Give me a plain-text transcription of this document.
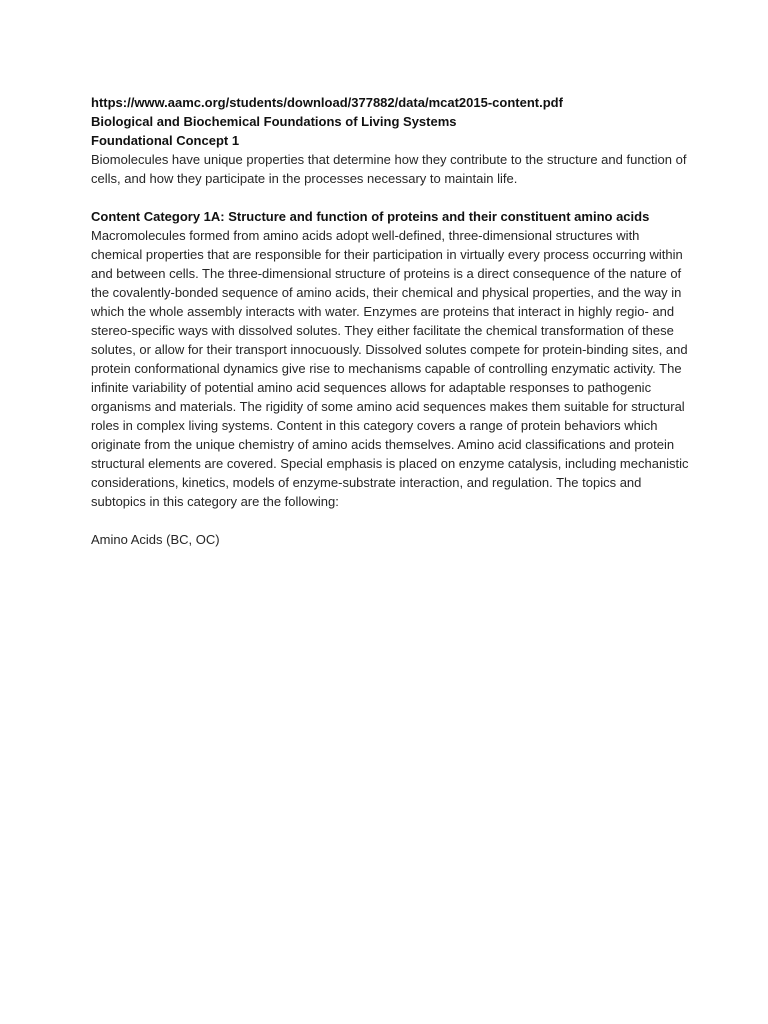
https://www.aamc.org/students/download/377882/data/mcat2015-content.pdf
Biological and Biochemical Foundations of Living Systems
Foundational Concept 1

Biomolecules have unique properties that determine how they contribute to the structure and function of cells, and how they participate in the processes necessary to maintain life.

Content Category 1A: Structure and function of proteins and their constituent amino acids Macromolecules formed from amino acids adopt well-defined, three-dimensional structures with chemical properties that are responsible for their participation in virtually every process occurring within and between cells. The three-dimensional structure of proteins is a direct consequence of the nature of the covalently-bonded sequence of amino acids, their chemical and physical properties, and the way in which the whole assembly interacts with water. Enzymes are proteins that interact in highly regio- and stereo-specific ways with dissolved solutes. They either facilitate the chemical transformation of these solutes, or allow for their transport innocuously. Dissolved solutes compete for protein-binding sites, and protein conformational dynamics give rise to mechanisms capable of controlling enzymatic activity. The infinite variability of potential amino acid sequences allows for adaptable responses to pathogenic organisms and materials. The rigidity of some amino acid sequences makes them suitable for structural roles in complex living systems. Content in this category covers a range of protein behaviors which originate from the unique chemistry of amino acids themselves. Amino acid classifications and protein structural elements are covered. Special emphasis is placed on enzyme catalysis, including mechanistic considerations, kinetics, models of enzyme-substrate interaction, and regulation. The topics and subtopics in this category are the following:

Amino Acids (BC, OC)
